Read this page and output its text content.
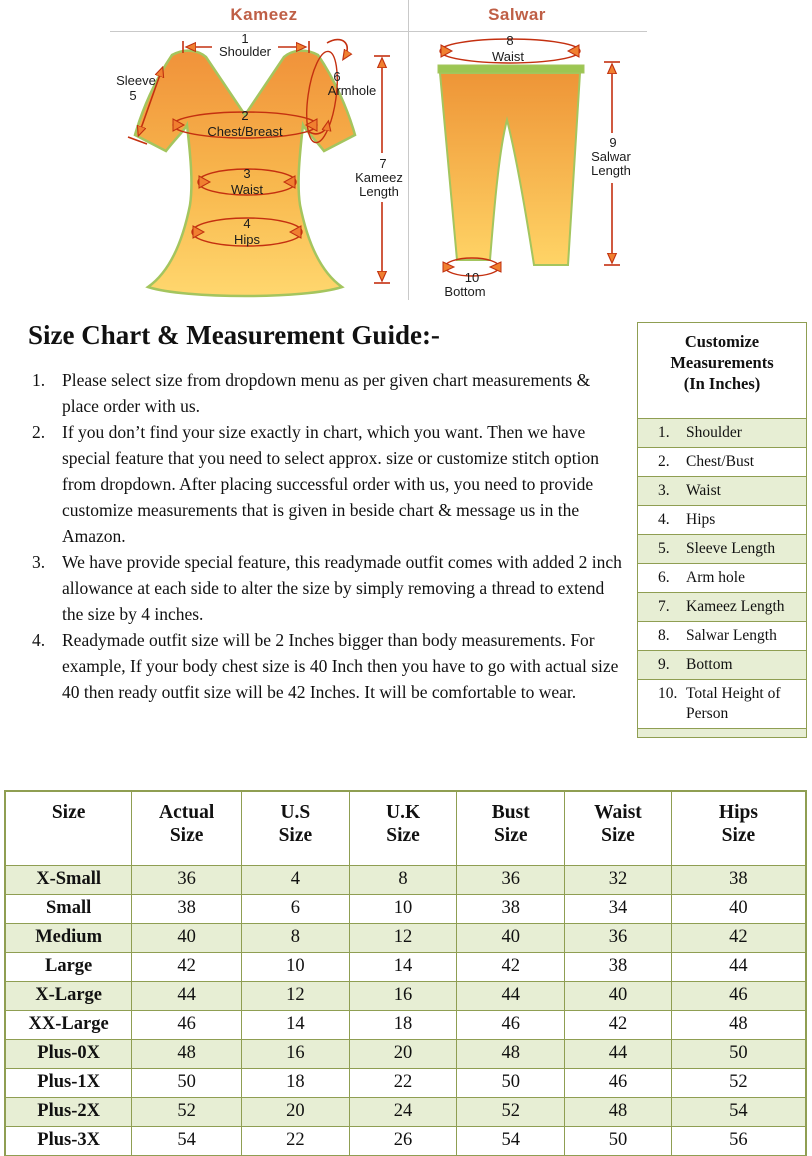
Kameez	Salwar
1
Shoulder
Sleeve
5
6
Armhole
2
Chest/Breast
3
Waist
4
Hips
7
Kameez
Length
8
Waist
9
Salwar
Length
10
Bottom
Size Chart & Measurement Guide:-
1. Please select size from dropdown menu as per given chart measurements & place order with us.
2. If you don’t find your size exactly in chart, which you want. Then we have special feature that you need to select approx. size or customize stitch option from dropdown. After placing successful order with us, you need to provide customize measurements that is given in beside chart & message us in the Amazon.
3. We have provide special feature, this readymade outfit comes with added 2 inch allowance at each side to alter the size by simply removing a thread to extend the size by 4 inches.
4. Readymade outfit size will be 2 Inches bigger than body measurements. For example, If your body chest size is 40 Inch then you have to go with actual size 40 then ready outfit size will be 42 Inches. It will be comfortable to wear.
Customize Measurements (In Inches)
1.	Shoulder
2.	Chest/Bust
3.	Waist
4.	Hips
5.	Sleeve Length
6.	Arm hole
7.	Kameez Length
8.	Salwar Length
9.	Bottom
10. Total Height of Person
Size	Actual Size	U.S Size	U.K Size	Bust Size	Waist Size	Hips Size

X-Small	36	4	8	36	32	38
Small	38	6	10	38	34	40
Medium	40	8	12	40	36	42
Large	42	10	14	42	38	44
X-Large	44	12	16	44	40	46
XX-Large	46	14	18	46	42	48
Plus-0X	48	16	20	48	44	50
Plus-1X	50	18	22	50	46	52
Plus-2X	52	20	24	52	48	54
Plus-3X	54	22	26	54	50	56
